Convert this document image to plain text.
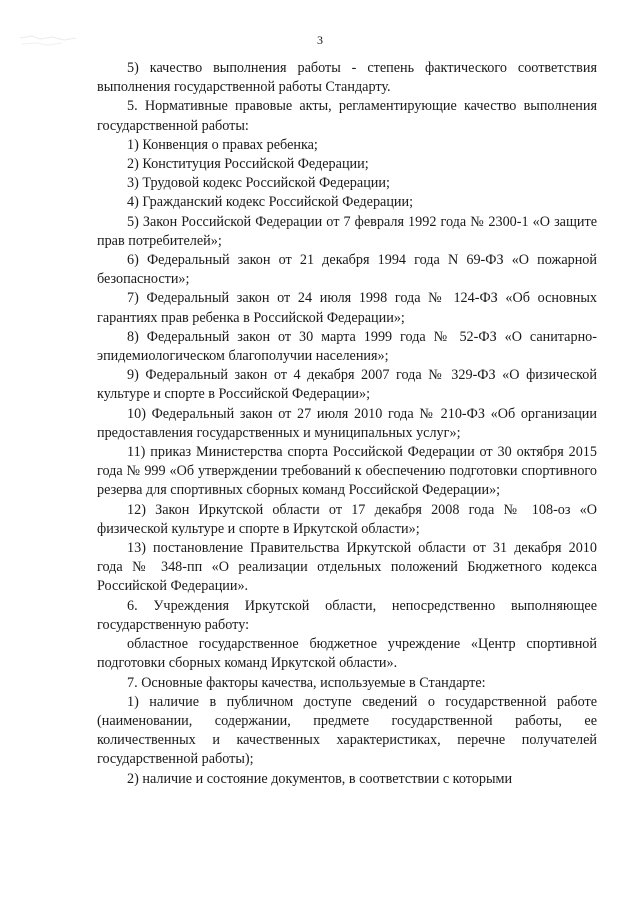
3

5) качество выполнения работы - степень фактического соответствия выполнения государственной работы Стандарту.

5. Нормативные правовые акты, регламентирующие качество выполнения государственной работы:

1) Конвенция о правах ребенка;

2) Конституция Российской Федерации;

3) Трудовой кодекс Российской Федерации;

4) Гражданский кодекс Российской Федерации;

5) Закон Российской Федерации от 7 февраля 1992 года № 2300-1 «О защите прав потребителей»;

6) Федеральный закон от 21 декабря 1994 года N 69-ФЗ «О пожарной безопасности»;

7) Федеральный закон от 24 июля 1998 года № 124-ФЗ «Об основных гарантиях прав ребенка в Российской Федерации»;

8) Федеральный закон от 30 марта 1999 года № 52-ФЗ «О санитарно-эпидемиологическом благополучии населения»;

9) Федеральный закон от 4 декабря 2007 года № 329-ФЗ «О физической культуре и спорте в Российской Федерации»;

10) Федеральный закон от 27 июля 2010 года № 210-ФЗ «Об организации предоставления государственных и муниципальных услуг»;

11) приказ Министерства спорта Российской Федерации от 30 октября 2015 года № 999 «Об утверждении требований к обеспечению подготовки спортивного резерва для спортивных сборных команд Российской Федерации»;

12) Закон Иркутской области от 17 декабря 2008 года № 108-оз «О физической культуре и спорте в Иркутской области»;

13) постановление Правительства Иркутской области от 31 декабря 2010 года № 348-пп «О реализации отдельных положений Бюджетного кодекса Российской Федерации».

6. Учреждения Иркутской области, непосредственно выполняющее государственную работу:

областное государственное бюджетное учреждение «Центр спортивной подготовки сборных команд Иркутской области».

7. Основные факторы качества, используемые в Стандарте:

1) наличие в публичном доступе сведений о государственной работе (наименовании, содержании, предмете государственной работы, ее количественных и качественных характеристиках, перечне получателей государственной работы);

2) наличие и состояние документов, в соответствии с которыми
